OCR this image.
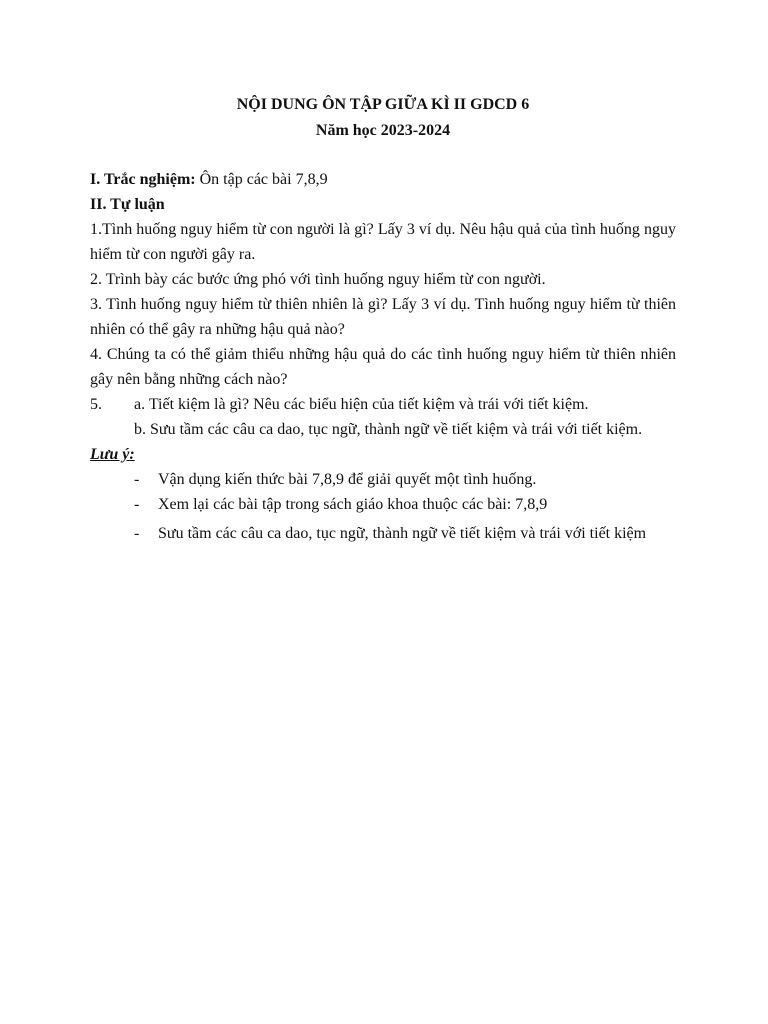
NỘI DUNG ÔN TẬP GIỮA KÌ II GDCD 6
Năm học 2023-2024
I. Trắc nghiệm: Ôn tập các bài 7,8,9
II. Tự luận
1.Tình huống nguy hiểm từ con người là gì? Lấy 3 ví dụ. Nêu hậu quả của tình huống nguy hiểm từ con người gây ra.
2. Trình bày các bước ứng phó với tình huống nguy hiểm từ con người.
3. Tình huống nguy hiểm từ thiên nhiên là gì? Lấy 3 ví dụ. Tình huống nguy hiểm từ thiên nhiên có thể gây ra những hậu quả nào?
4. Chúng ta có thể giảm thiểu những hậu quả do các tình huống nguy hiểm từ thiên nhiên gây nên bằng những cách nào?
5.	a. Tiết kiệm là gì? Nêu các biểu hiện của tiết kiệm và trái với tiết kiệm.
b. Sưu tầm các câu ca dao, tục ngữ, thành ngữ về tiết kiệm và trái với tiết kiệm.
Lưu ý:
-	Vận dụng kiến thức bài 7,8,9 để giải quyết một tình huống.
-	Xem lại các bài tập trong sách giáo khoa thuộc các bài: 7,8,9
-	Sưu tầm các câu ca dao, tục ngữ, thành ngữ về tiết kiệm và trái với tiết kiệm
